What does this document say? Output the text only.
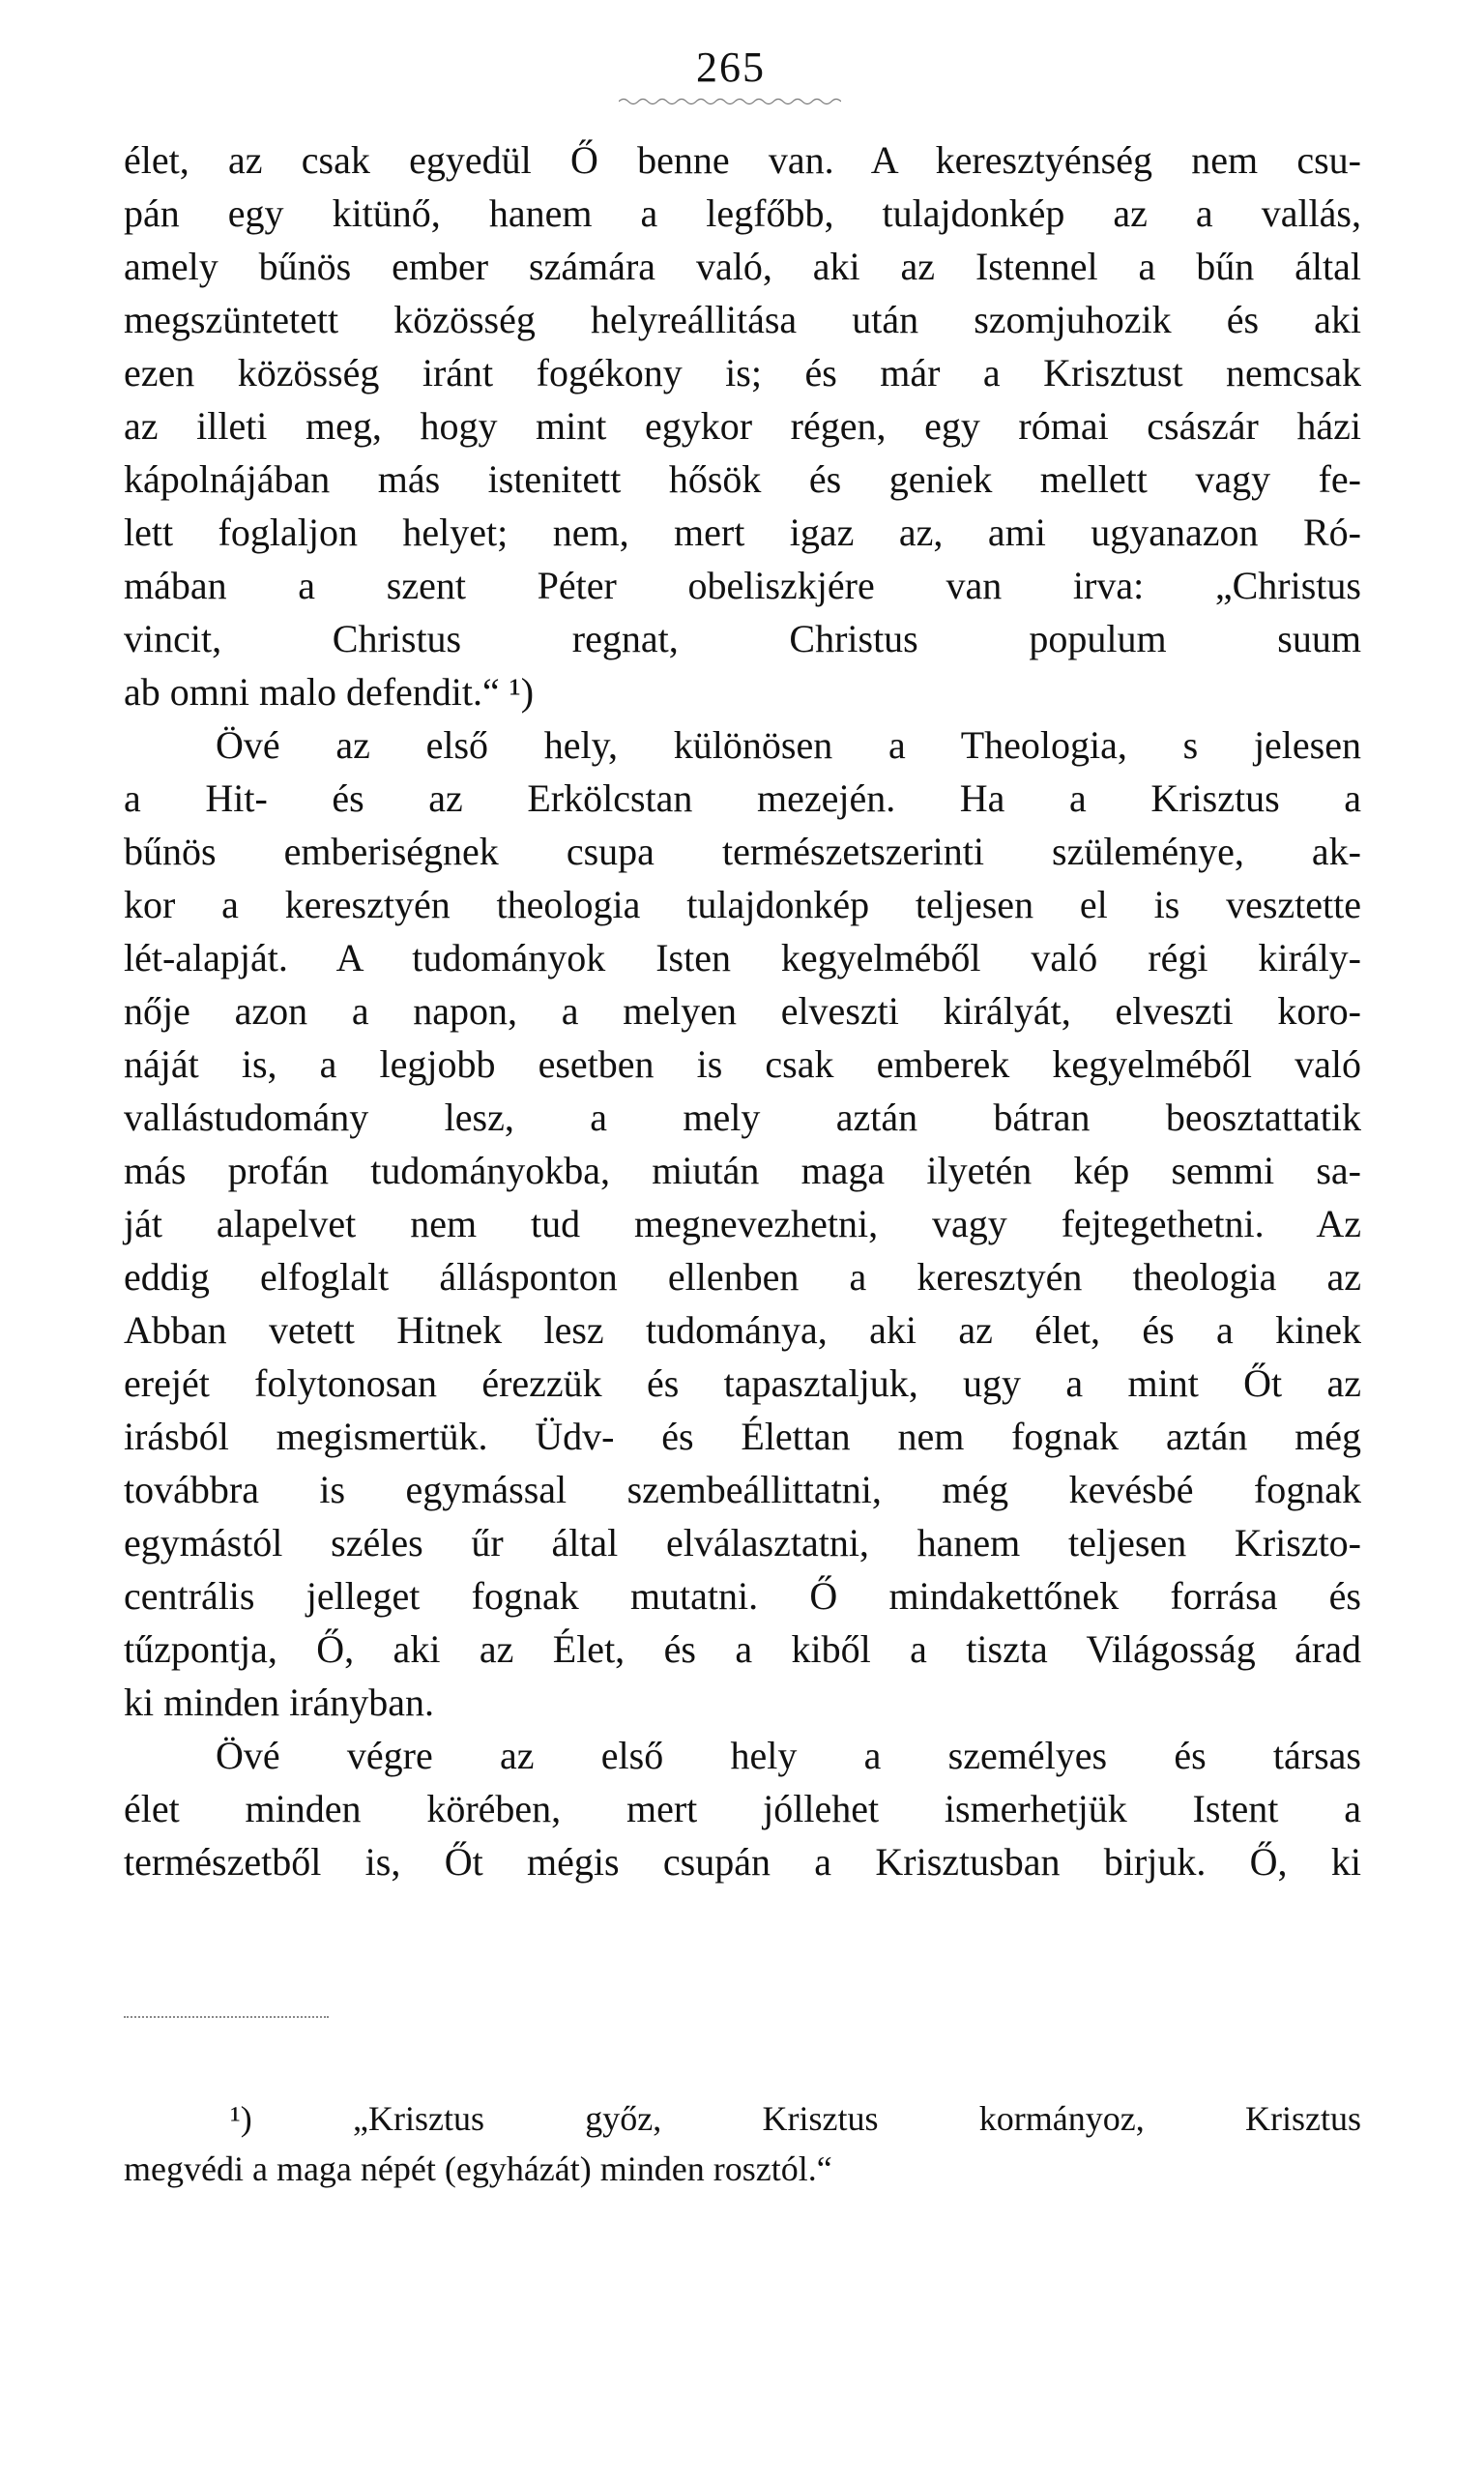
265
élet, az csak egyedül Ő benne van. A keresztyénség nem csu-
pán egy kitünő, hanem a legfőbb, tulajdonkép az a vallás,
amely bűnös ember számára való, aki az Istennel a bűn által
megszüntetett közösség helyreállitása után szomjuhozik és aki
ezen közösség iránt fogékony is; és már a Krisztust nemcsak
az illeti meg, hogy mint egykor régen, egy római császár házi
kápolnájában más istenitett hősök és geniek mellett vagy fe-
lett foglaljon helyet; nem, mert igaz az, ami ugyanazon Ró-
mában a szent Péter obeliszkjére van irva: „Christus
vincit, Christus regnat, Christus populum suum
ab omni malo defendit.“ ¹)
Övé az első hely, különösen a Theologia, s jelesen
a Hit- és az Erkölcstan mezején. Ha a Krisztus a
bűnös emberiségnek csupa természetszerinti szüleménye, ak-
kor a keresztyén theologia tulajdonkép teljesen el is vesztette
lét-alapját. A tudományok Isten kegyelméből való régi király-
nője azon a napon, a melyen elveszti királyát, elveszti koro-
náját is, a legjobb esetben is csak emberek kegyelméből való
vallástudomány lesz, a mely aztán bátran beosztattatik
más profán tudományokba, miután maga ilyetén kép semmi sa-
ját alapelvet nem tud megnevezhetni, vagy fejtegethetni. Az
eddig elfoglalt állásponton ellenben a keresztyén theologia az
Abban vetett Hitnek lesz tudománya, aki az élet, és a kinek
erejét folytonosan érezzük és tapasztaljuk, ugy a mint Őt az
irásból megismertük. Üdv- és Élettan nem fognak aztán még
továbbra is egymással szembeállittatni, még kevésbé fognak
egymástól széles űr által elválasztatni, hanem teljesen Kriszto-
centrális jelleget fognak mutatni. Ő mindakettőnek forrása és
tűzpontja, Ő, aki az Élet, és a kiből a tiszta Világosság árad
ki minden irányban.
Övé végre az első hely a személyes és társas
élet minden körében, mert jóllehet ismerhetjük Istent a
természetből is, Őt mégis csupán a Krisztusban birjuk. Ő, ki
¹) „Krisztus győz, Krisztus kormányoz, Krisztus
megvédi a maga népét (egyházát) minden rosztól.“
